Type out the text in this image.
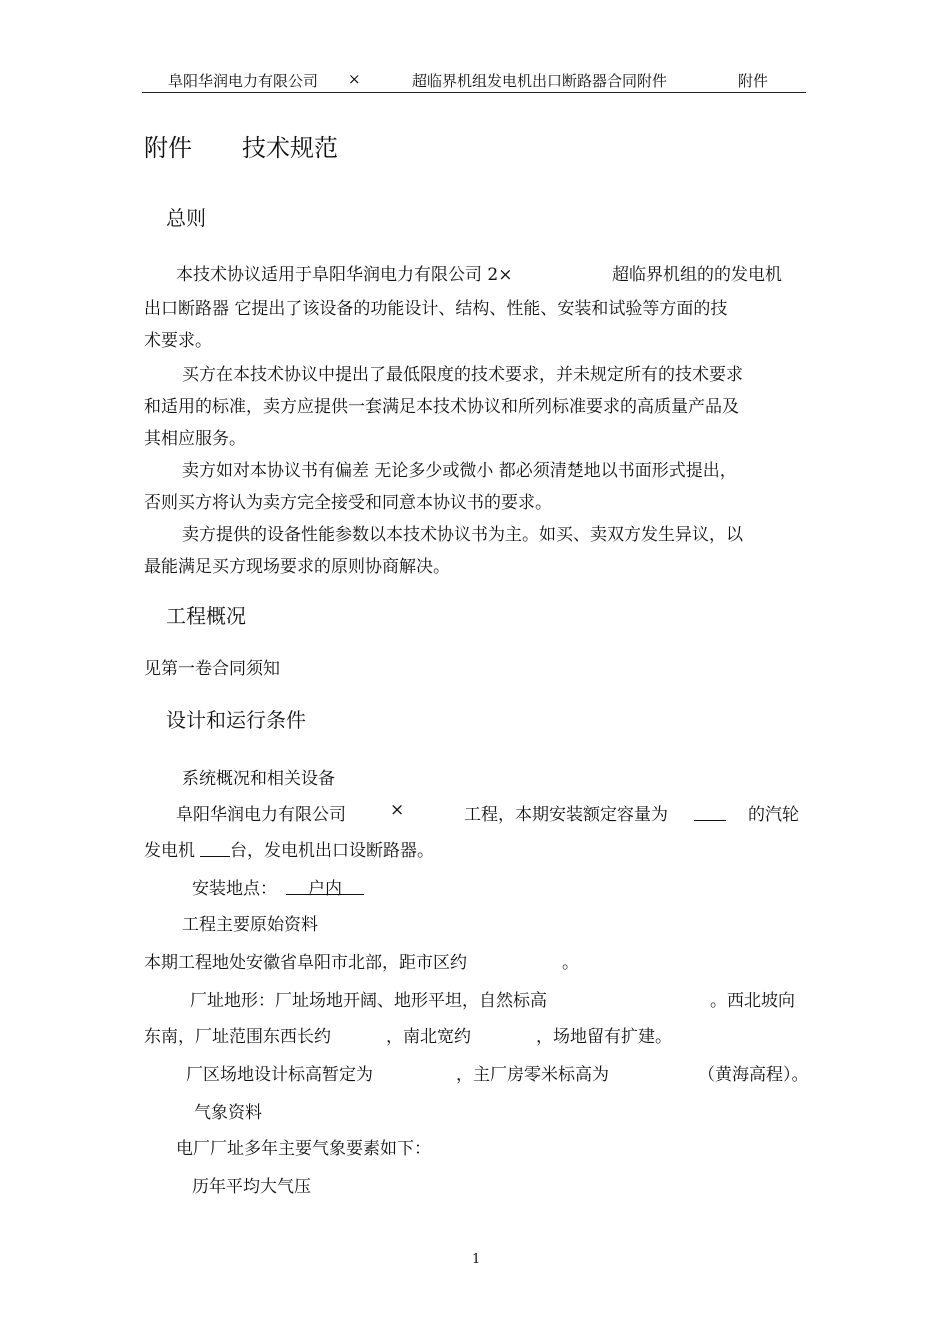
阜阳华润电力有限公司 ×	超临界机组发电机出口断路器合同附件	附件
附件 技术规范
总则
本技术协议适用于阜阳华润电力有限公司 2×	超临界机组的的发电机
出口断路器 它提出了该设备的功能设计、结构、性能、安装和试验等方面的技
术要求。
买方在本技术协议中提出了最低限度的技术要求，并未规定所有的技术要求
和适用的标准，卖方应提供一套满足本技术协议和所列标准要求的高质量产品及
其相应服务。
卖方如对本协议书有偏差 无论多少或微小 都必须清楚地以书面形式提出，
否则买方将认为卖方完全接受和同意本协议书的要求。
卖方提供的设备性能参数以本技术协议书为主。如买、卖双方发生异议，以
最能满足买方现场要求的原则协商解决。
工程概况
见第一卷合同须知
设计和运行条件
系统概况和相关设备
阜阳华润电力有限公司	×	工程，本期安装额定容量为	的汽轮
发电机 台，发电机出口设断路器。
安装地点：	户内
工程主要原始资料
本期工程地处安徽省阜阳市北部，距市区约	。
厂址地形：厂址场地开阔、地形平坦，自然标高	。西北坡向
东南，厂址范围东西长约	，南北宽约	，场地留有扩建。
厂区场地设计标高暂定为	，主厂房零米标高为	（黄海高程）。
气象资料
电厂厂址多年主要气象要素如下：
历年平均大气压
1
